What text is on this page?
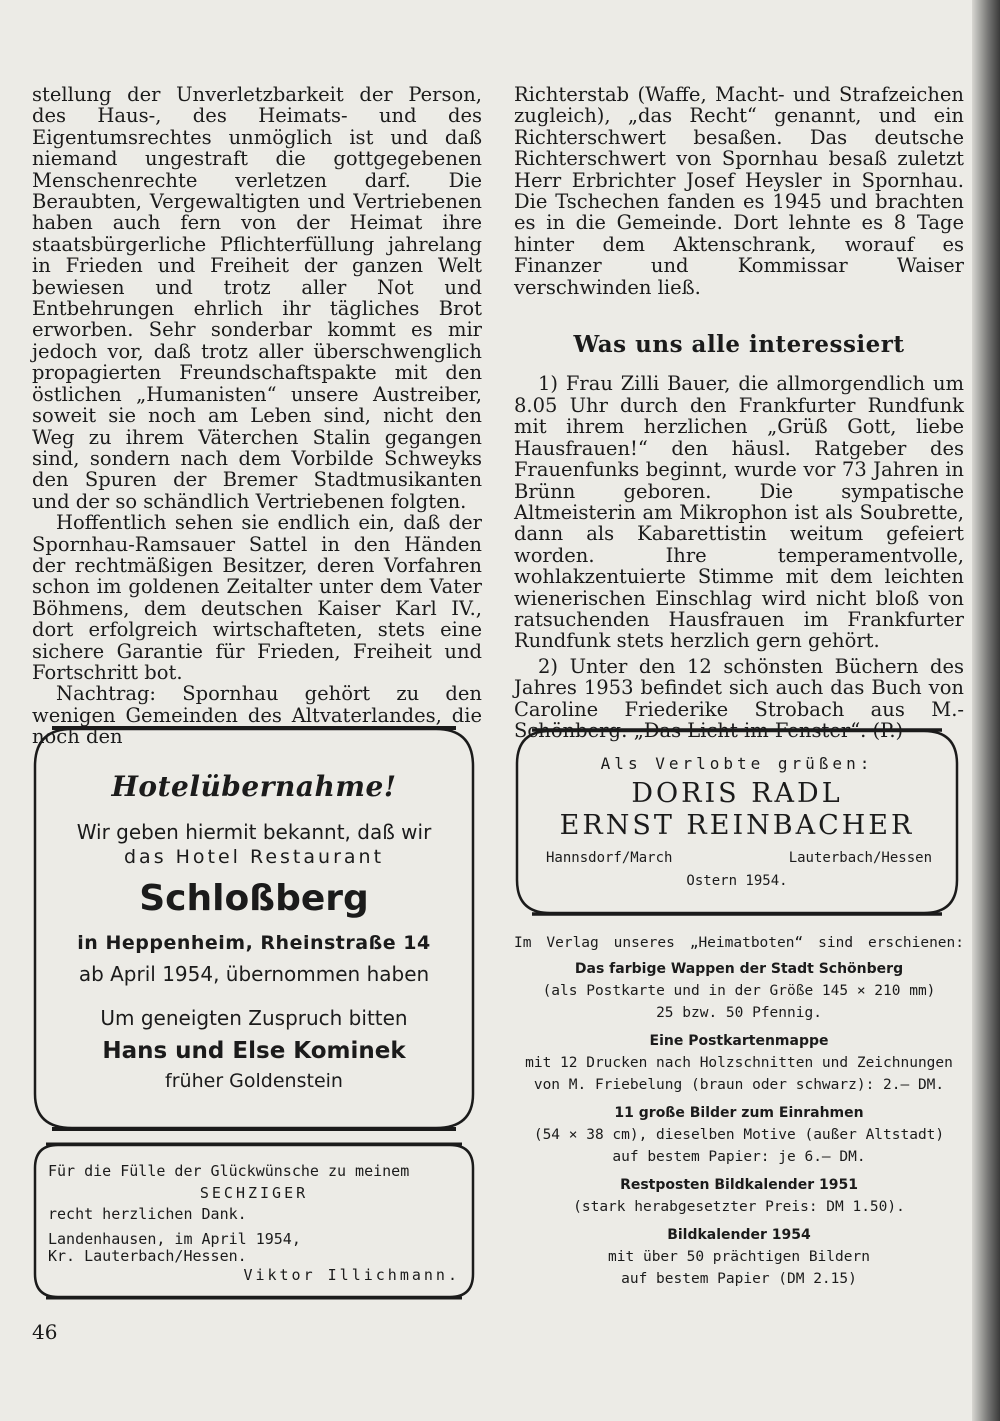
stellung der Unverletzbarkeit der Person, des Haus-, des Heimats- und des Eigentumsrechtes unmöglich ist und daß niemand ungestraft die gottgegebenen Menschenrechte verletzen darf. Die Beraubten, Vergewaltigten und Vertriebenen haben auch fern von der Heimat ihre staatsbürgerliche Pflichterfüllung jahrelang in Frieden und Freiheit der ganzen Welt bewiesen und trotz aller Not und Entbehrungen ehrlich ihr tägliches Brot erworben. Sehr sonderbar kommt es mir jedoch vor, daß trotz aller überschwenglich propagierten Freundschaftspakte mit den östlichen „Humanisten“ unsere Austreiber, soweit sie noch am Leben sind, nicht den Weg zu ihrem Väterchen Stalin gegangen sind, sondern nach dem Vorbilde Schweyks den Spuren der Bremer Stadtmusikanten und der so schändlich Vertriebenen folgten.

Hoffentlich sehen sie endlich ein, daß der Spornhau-Ramsauer Sattel in den Händen der rechtmäßigen Besitzer, deren Vorfahren schon im goldenen Zeitalter unter dem Vater Böhmens, dem deutschen Kaiser Karl IV., dort erfolgreich wirtschafteten, stets eine sichere Garantie für Frieden, Freiheit und Fortschritt bot.

Nachtrag: Spornhau gehört zu den wenigen Gemeinden des Altvaterlandes, die noch den

Richterstab (Waffe, Macht- und Strafzeichen zugleich), „das Recht“ genannt, und ein Richterschwert besaßen. Das deutsche Richterschwert von Spornhau besaß zuletzt Herr Erbrichter Josef Heysler in Spornhau. Die Tschechen fanden es 1945 und brachten es in die Gemeinde. Dort lehnte es 8 Tage hinter dem Aktenschrank, worauf es Finanzer und Kommissar Waiser verschwinden ließ.

Was uns alle interessiert

1) Frau Zilli Bauer, die allmorgendlich um 8.05 Uhr durch den Frankfurter Rundfunk mit ihrem herzlichen „Grüß Gott, liebe Hausfrauen!“ den häusl. Ratgeber des Frauenfunks beginnt, wurde vor 73 Jahren in Brünn geboren. Die sympatische Altmeisterin am Mikrophon ist als Soubrette, dann als Kabarettistin weitum gefeiert worden. Ihre temperamentvolle, wohlakzentuierte Stimme mit dem leichten wienerischen Einschlag wird nicht bloß von ratsuchenden Hausfrauen im Frankfurter Rundfunk stets herzlich gern gehört.

2) Unter den 12 schönsten Büchern des Jahres 1953 befindet sich auch das Buch von Caroline Friederike Strobach aus M.-Schönberg: „Das Licht im Fenster“. (P.)

Hotelübernahme!
Wir geben hiermit bekannt, daß wir
das Hotel Restaurant
Schloßberg
in Heppenheim, Rheinstraße 14
ab April 1954, übernommen haben
Um geneigten Zuspruch bitten
Hans und Else Kominek
früher Goldenstein
Für die Fülle der Glückwünsche zu meinem
SECHZIGER
recht herzlichen Dank.
Landenhausen, im April 1954,
Kr. Lauterbach/Hessen.
Viktor Illichmann.
Als Verlobte grüßen:
DORIS RADL
ERNST REINBACHER
Hannsdorf/March	Lauterbach/Hessen
Ostern 1954.
Im Verlag unseres „Heimatboten“ sind erschienen:
Das farbige Wappen der Stadt Schönberg
(als Postkarte und in der Größe 145 × 210 mm)
25 bzw. 50 Pfennig.
Eine Postkartenmappe
mit 12 Drucken nach Holzschnitten und Zeichnungen
von M. Friebelung (braun oder schwarz): 2.— DM.
11 große Bilder zum Einrahmen
(54 × 38 cm), dieselben Motive (außer Altstadt)
auf bestem Papier: je 6.— DM.
Restposten Bildkalender 1951
(stark herabgesetzter Preis: DM 1.50).
Bildkalender 1954
mit über 50 prächtigen Bildern
auf bestem Papier (DM 2.15)
46
